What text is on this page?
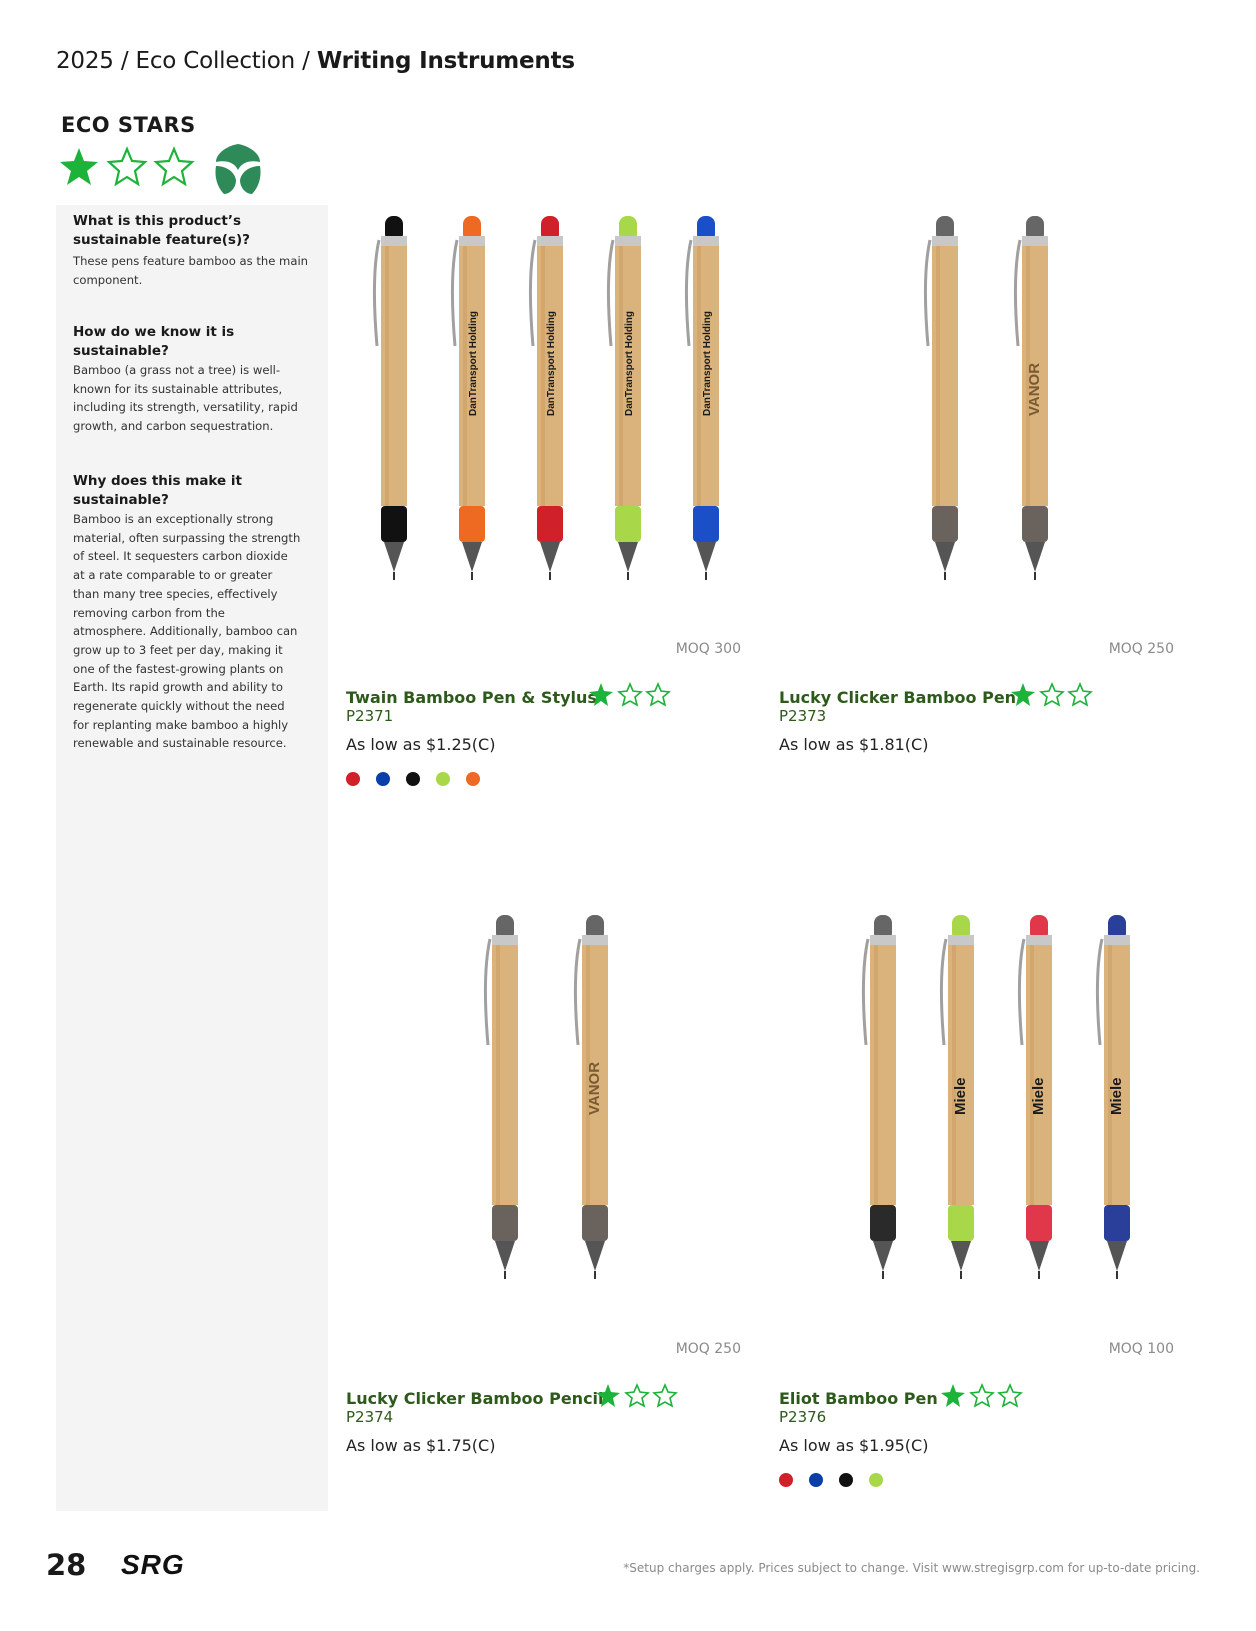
2025 / Eco Collection / Writing Instruments
ECO STARS
What is this product’s sustainable feature(s)?
These pens feature bamboo as the main component.
How do we know it is sustainable?
Bamboo (a grass not a tree) is well-known for its sustainable attributes, including its strength, versatility, rapid growth, and carbon sequestration.
Why does this make it sustainable?
Bamboo is an exceptionally strong material, often surpassing the strength of steel. It sequesters carbon dioxide at a rate comparable to or greater than many tree species, effectively removing carbon from the atmosphere. Additionally, bamboo can grow up to 3 feet per day, making it one of the fastest-growing plants on Earth. Its rapid growth and ability to regenerate quickly without the need for replanting make bamboo a highly renewable and sustainable resource.
DanTransport Holding	DanTransport Holding	DanTransport Holding	DanTransport Holding
MOQ 300
Twain Bamboo Pen & Stylus
P2371
As low as $1.25(C)
VANOR
MOQ 250
Lucky Clicker Bamboo Pen
P2373
As low as $1.81(C)
VANOR
MOQ 250
Lucky Clicker Bamboo Pencil
P2374
As low as $1.75(C)
Miele	Miele	Miele
MOQ 100
Eliot Bamboo Pen
P2376
As low as $1.95(C)
28 SRG	*Setup charges apply. Prices subject to change. Visit www.stregisgrp.com for up-to-date pricing.
